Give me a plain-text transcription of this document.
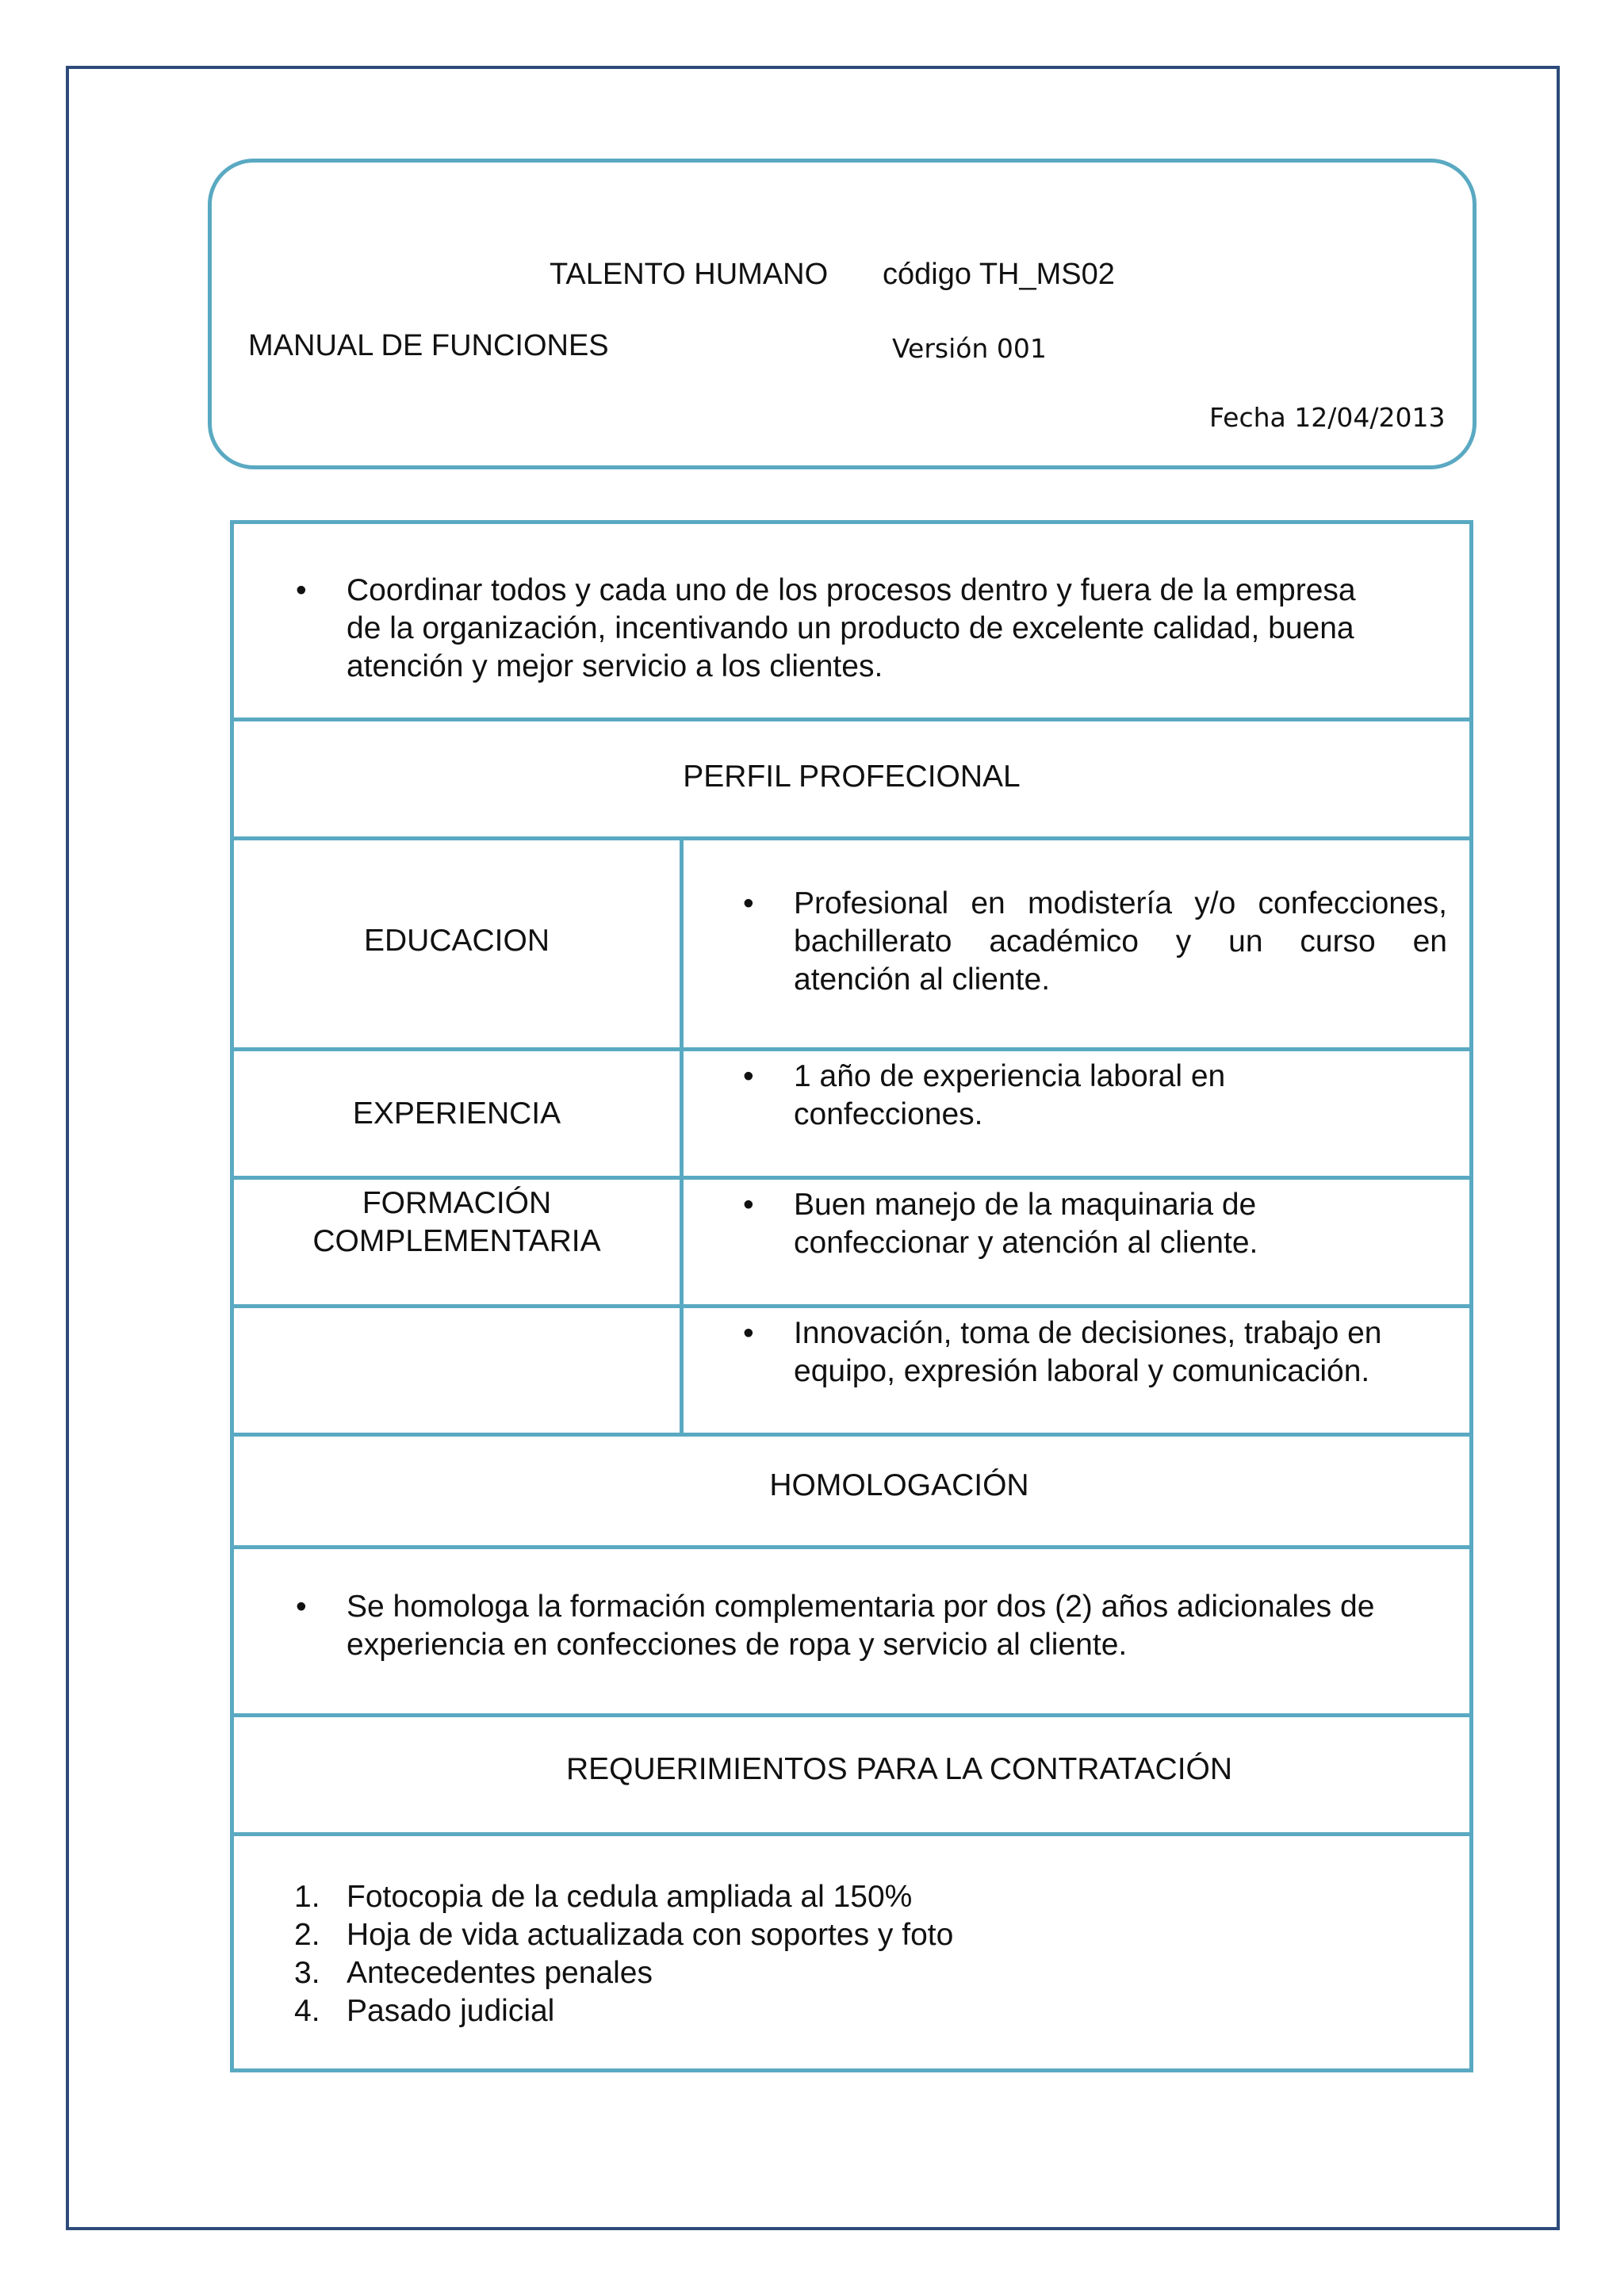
TALENTO HUMANO código TH_MS02
MANUAL DE FUNCIONES	Versión 001
Fecha 12/04/2013
• Coordinar todos y cada uno de los procesos dentro y fuera de la empresa
de la organización, incentivando un producto de excelente calidad, buena
atención y mejor servicio a los clientes.
PERFIL PROFECIONAL
EDUCACION
• Profesional en modistería y/o confecciones,
bachillerato académico y un curso en
atención al cliente.
EXPERIENCIA
• 1 año de experiencia laboral en
confecciones.
FORMACIÓN
COMPLEMENTARIA
• Buen manejo de la maquinaria de
confeccionar y atención al cliente.
• Innovación, toma de decisiones, trabajo en
equipo, expresión laboral y comunicación.
HOMOLOGACIÓN
• Se homologa la formación complementaria por dos (2) años adicionales de
experiencia en confecciones de ropa y servicio al cliente.
REQUERIMIENTOS PARA LA CONTRATACIÓN
1. Fotocopia de la cedula ampliada al 150%
2. Hoja de vida actualizada con soportes y foto
3. Antecedentes penales
4. Pasado judicial
